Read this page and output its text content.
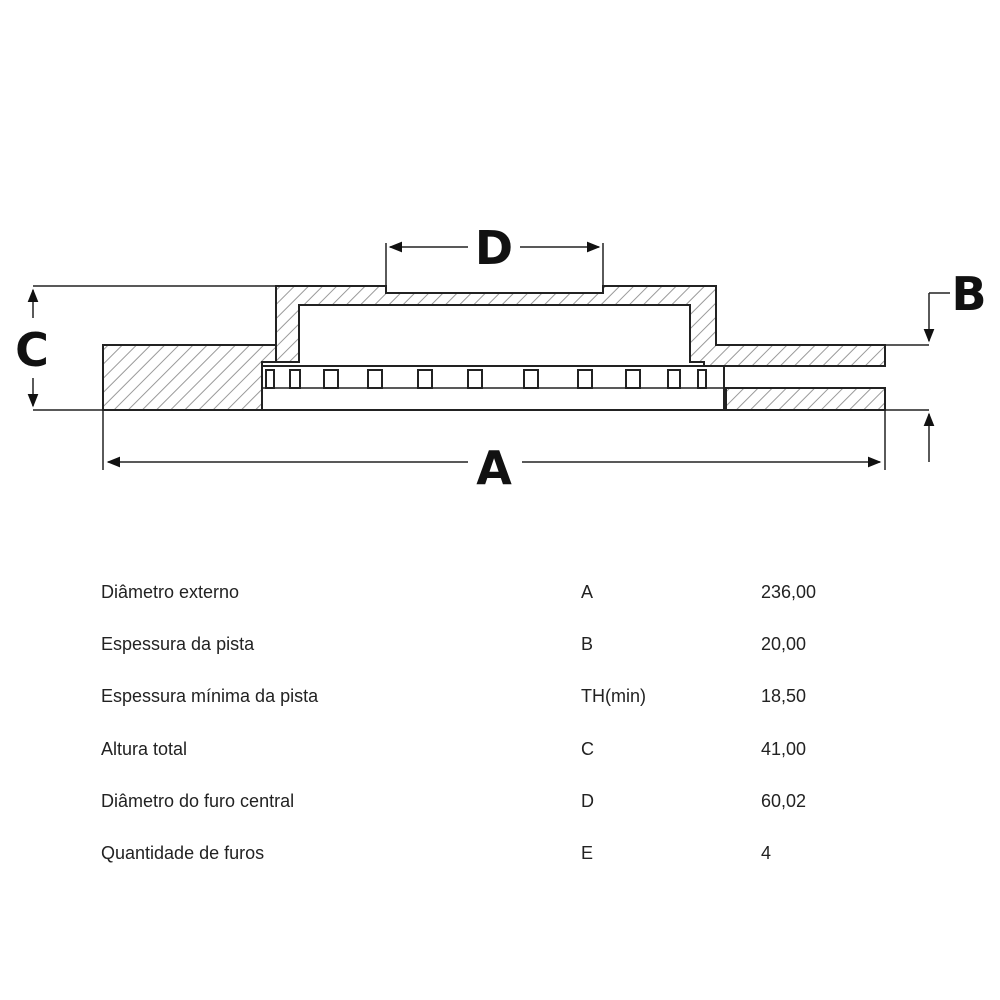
A
C
D
B
Diâmetro externo	A	236,00
Espessura da pista	B	20,00
Espessura mínima da pista	TH(min)	18,50
Altura total	C	41,00
Diâmetro do furo central	D	60,02
Quantidade de furos	E	4
